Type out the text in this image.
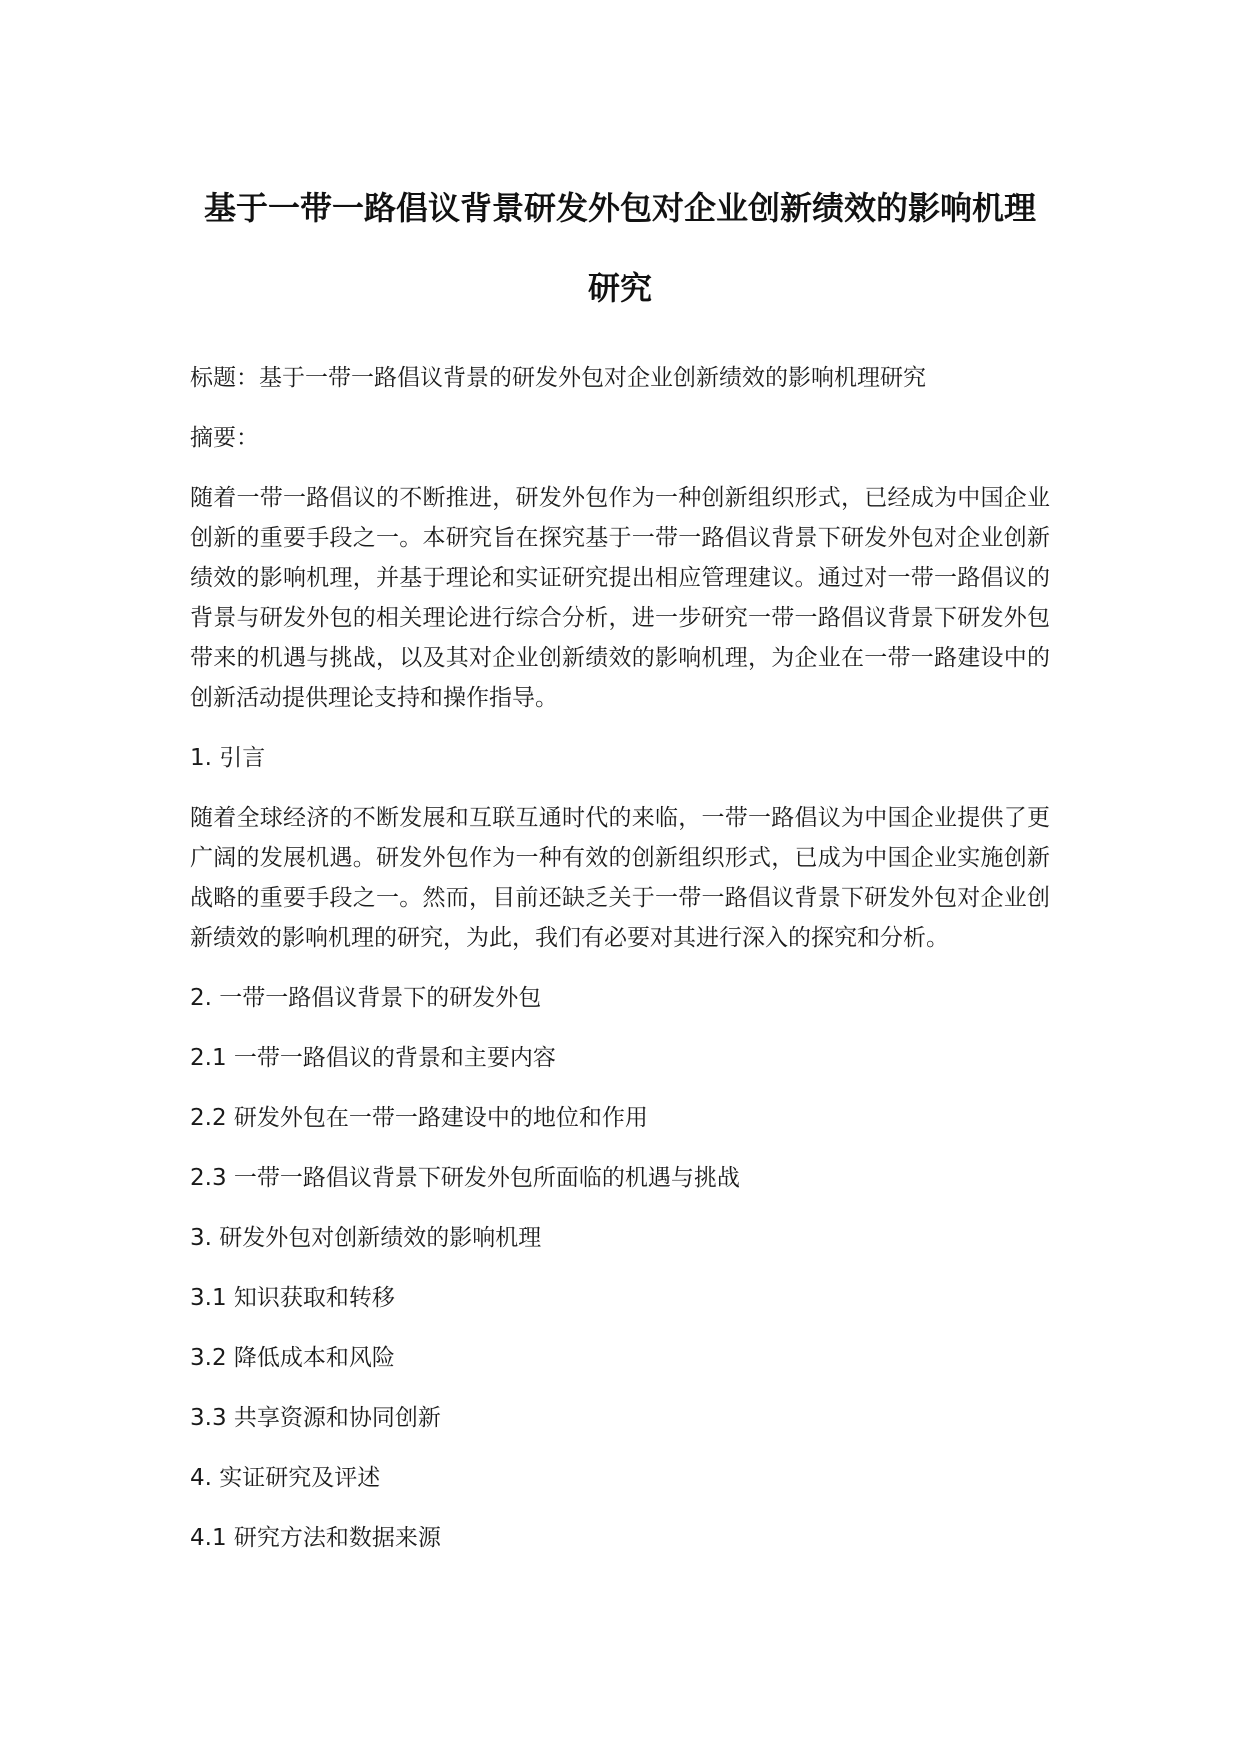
基于一带一路倡议背景研发外包对企业创新绩效的影响机理研究

标题：基于一带一路倡议背景的研发外包对企业创新绩效的影响机理研究

摘要：

随着一带一路倡议的不断推进，研发外包作为一种创新组织形式，已经成为中国企业创新的重要手段之一。本研究旨在探究基于一带一路倡议背景下研发外包对企业创新绩效的影响机理，并基于理论和实证研究提出相应管理建议。通过对一带一路倡议的背景与研发外包的相关理论进行综合分析，进一步研究一带一路倡议背景下研发外包带来的机遇与挑战，以及其对企业创新绩效的影响机理，为企业在一带一路建设中的创新活动提供理论支持和操作指导。

1. 引言

随着全球经济的不断发展和互联互通时代的来临，一带一路倡议为中国企业提供了更广阔的发展机遇。研发外包作为一种有效的创新组织形式，已成为中国企业实施创新战略的重要手段之一。然而，目前还缺乏关于一带一路倡议背景下研发外包对企业创新绩效的影响机理的研究，为此，我们有必要对其进行深入的探究和分析。

2. 一带一路倡议背景下的研发外包

2.1 一带一路倡议的背景和主要内容

2.2 研发外包在一带一路建设中的地位和作用

2.3 一带一路倡议背景下研发外包所面临的机遇与挑战

3. 研发外包对创新绩效的影响机理

3.1 知识获取和转移

3.2 降低成本和风险

3.3 共享资源和协同创新

4. 实证研究及评述

4.1 研究方法和数据来源
